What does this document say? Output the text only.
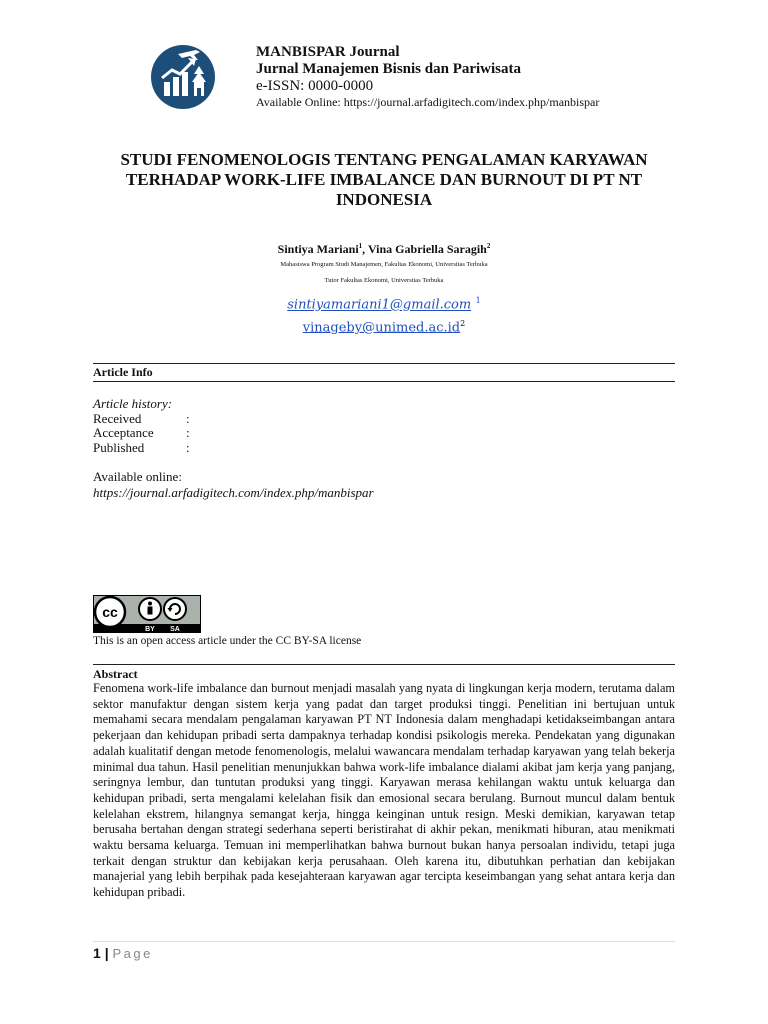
MANBISPAR Journal
Jurnal Manajemen Bisnis dan Pariwisata
e-ISSN: 0000-0000
Available Online: https://journal.arfadigitech.com/index.php/manbispar
STUDI FENOMENOLOGIS TENTANG PENGALAMAN KARYAWAN TERHADAP WORK-LIFE IMBALANCE DAN BURNOUT DI PT NT INDONESIA
Sintiya Mariani$^1$, Vina Gabriella Saragih$^2$
Mahasiswa Program Studi Manajemen, Fakultas Ekonomi, Universitas Terbuka
Tutor Fakultas Ekonomi, Universitas Terbuka
sintiyamariani1@gmail.com $^1$
$vinageby@unimed.ac.id^2$
Article Info
Article history:
Received	:
Acceptance	:
Published	:
Available online:
https://journal.arfadigitech.com/index.php/manbispar
cc
BY SA
This is an open access article under the CC BY-SA license
Abstract
Fenomena work-life imbalance dan burnout menjadi masalah yang nyata di lingkungan kerja modern, terutama dalam sektor manufaktur dengan sistem kerja yang padat dan target produksi tinggi. Penelitian ini bertujuan untuk memahami secara mendalam pengalaman karyawan PT NT Indonesia dalam menghadapi ketidakseimbangan antara pekerjaan dan kehidupan pribadi serta dampaknya terhadap kondisi psikologis mereka. Pendekatan yang digunakan adalah kualitatif dengan metode fenomenologis, melalui wawancara mendalam terhadap karyawan yang telah bekerja minimal dua tahun. Hasil penelitian menunjukkan bahwa work-life imbalance dialami akibat jam kerja yang panjang, seringnya lembur, dan tuntutan produksi yang tinggi. Karyawan merasa kehilangan waktu untuk keluarga dan kehidupan pribadi, serta mengalami kelelahan fisik dan emosional secara berulang. Burnout muncul dalam bentuk kelelahan ekstrem, hilangnya semangat kerja, hingga keinginan untuk resign. Meski demikian, karyawan tetap berusaha bertahan dengan strategi sederhana seperti beristirahat di akhir pekan, menikmati hiburan, atau menikmati waktu bersama keluarga. Temuan ini memperlihatkan bahwa burnout bukan hanya persoalan individu, tetapi juga terkait dengan struktur dan kebijakan kerja perusahaan. Oleh karena itu, dibutuhkan perhatian dan kebijakan manajerial yang lebih berpihak pada kesejahteraan karyawan agar tercipta keseimbangan yang sehat antara kerja dan kehidupan pribadi.
1 | Page
